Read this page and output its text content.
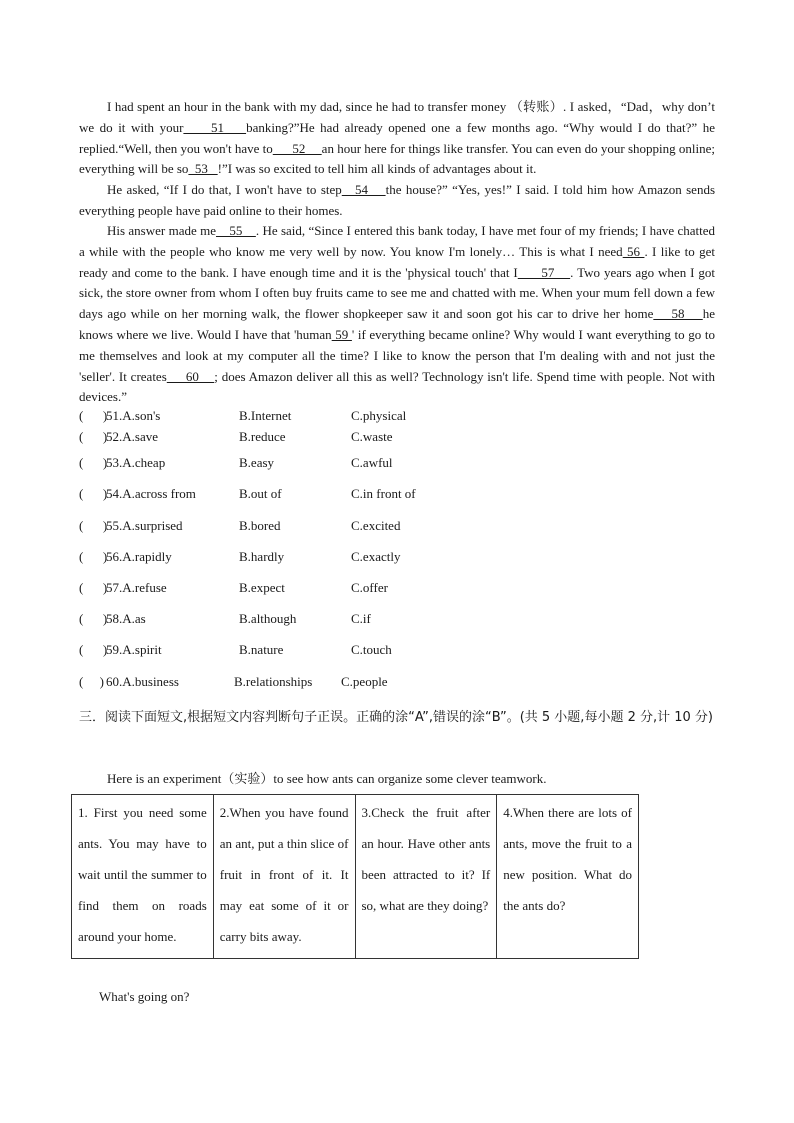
I had spent an hour in the bank with my dad, since he had to transfer money （转账）. I asked，“Dad，why don’t we do it with your     51    banking?”He had already opened one a few months ago. “Why would I do that?” he replied.“Well, then you won't have to      52     an hour here for things like transfer. You can even do your shopping online; everything will be so  53   !”I was so excited to tell him all kinds of advantages about it.

He asked, “If I do that, I won't have to step   54    the house?” “Yes, yes!” I said. I told him how Amazon sends everything people have paid online to their homes.

His answer made me    55    . He said, “Since I entered this bank today, I have met four of my friends; I have chatted a while with the people who know me very well by now. You know I'm lonely… This is what I need 56 . I like to get ready and come to the bank. I have enough time and it is the 'physical touch' that I      57    . Two years ago when I got sick, the store owner from whom I often buy fruits came to see me and chatted with me. When your mum fell down a few days ago while on her morning walk, the flower shopkeeper saw it and soon got his car to drive her home    58    he knows where we live. Would I have that 'human 59 ' if everything became online? Why would I want everything to go to me themselves and look at my computer all the time? I like to know the person that I'm dealing with and not just the 'seller'. It creates     60    ; does Amazon deliver all this as well? Technology isn't life. Spend time with people. Not with devices.”

(      )
51.A.son's	B.Internet	C.physical
(      )
52.A.save	B.reduce	C.waste
(      )
53.A.cheap	B.easy	C.awful
(      )
54.A.across from	B.out of	C.in front of
(      )
55.A.surprised	B.bored	C.excited
(      )
56.A.rapidly	B.hardly	C.exactly
(      )
57.A.refuse	B.expect	C.offer
(      )
58.A.as	B.although	C.if
(      )
59.A.spirit	B.nature	C.touch
(     ) 60.A.business	B.relationships C.people

三．阅读下面短文,根据短文内容判断句子正误。正确的涂“A”,错误的涂“B”。(共 5 小题,每小题 2 分,计 10 分)

Here is an experiment（实验）to see how ants can organize some clever teamwork.

1. First you need some ants. You may have to wait until the summer to find them on roads around your home.	2.When you have found an ant, put a thin slice of fruit in front of it. It may eat some of it or carry bits away.	3.Check the fruit after an hour. Have other ants been attracted to it? If so, what are they doing?	4.When there are lots of ants, move the fruit to a new position. What do the ants do?

What's going on?
